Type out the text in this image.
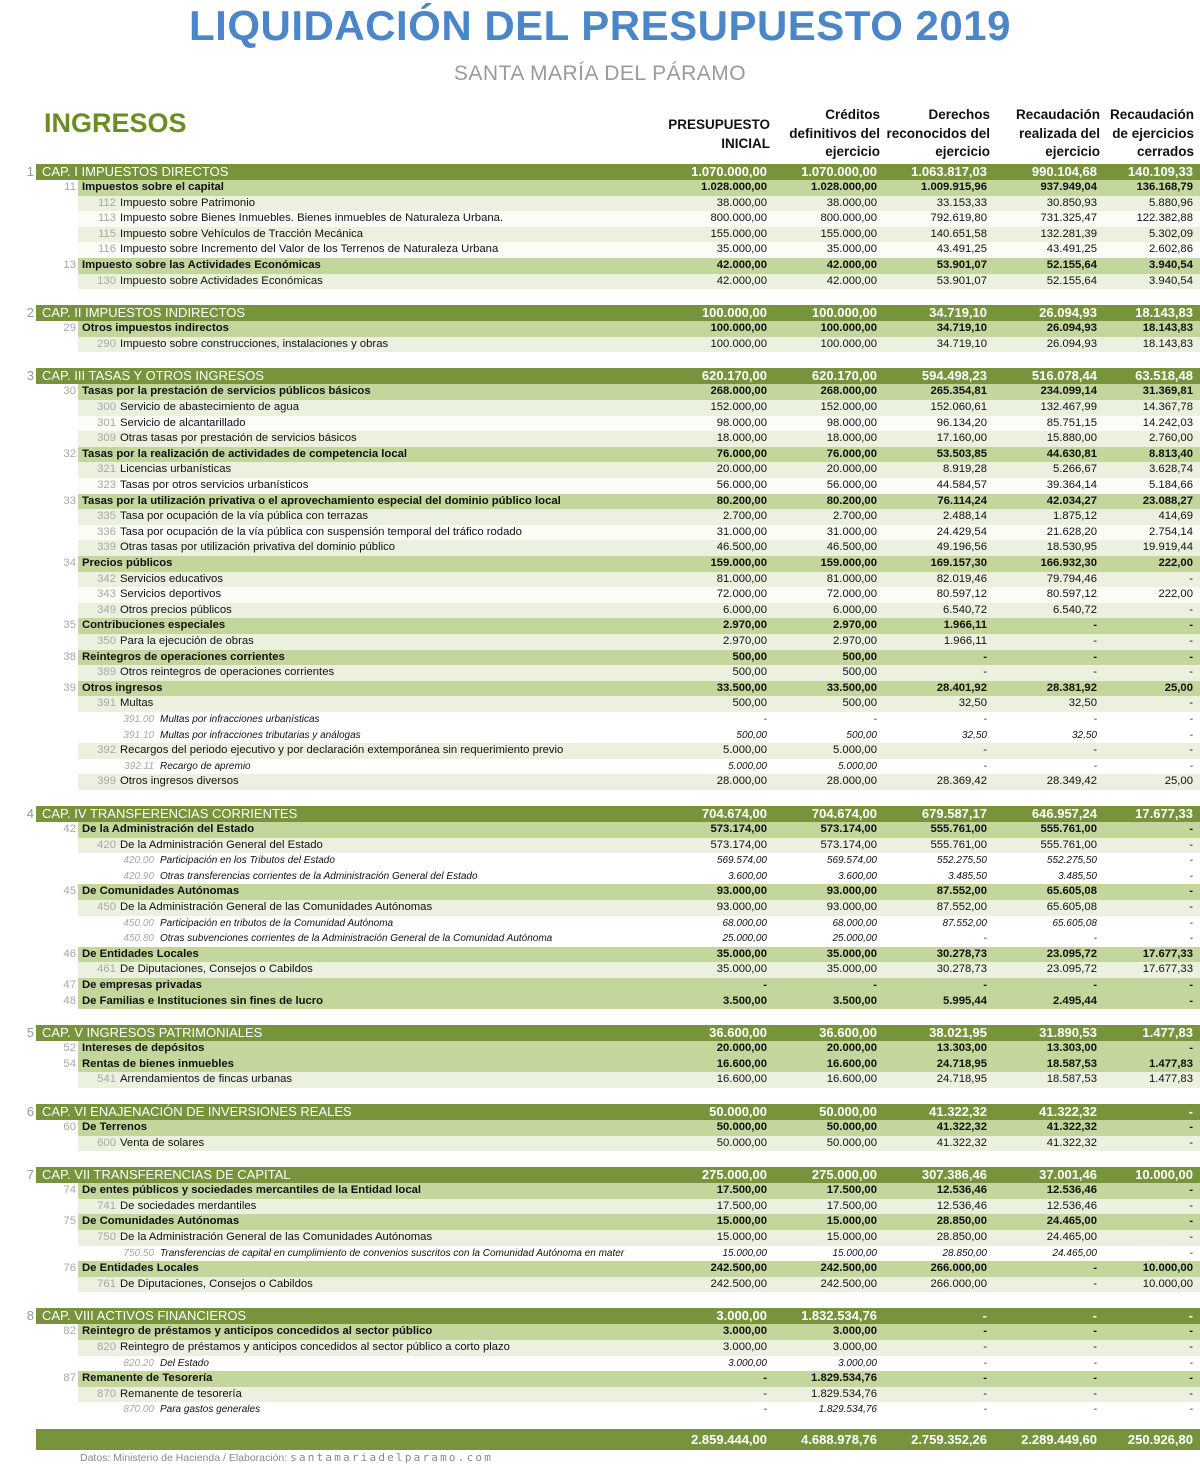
LIQUIDACIÓN DEL PRESUPUESTO 2019
SANTA MARÍA DEL PÁRAMO
INGRESOS	PRESUPUESTO
INICIAL
Créditos
definitivos del
ejercicio
Derechos
reconocidos del
ejercicio
Recaudación
realizada del
ejercicio
Recaudación
de ejercicios
cerrados
1 CAP. I IMPUESTOS DIRECTOS	1.070.000,00	1.070.000,00	1.063.817,03	990.104,68	140.109,33
11 Impuestos sobre el capital	1.028.000,00	1.028.000,00	1.009.915,96	937.949,04	136.168,79
112 Impuesto sobre Patrimonio	38.000,00	38.000,00	33.153,33	30.850,93	5.880,96
113 Impuesto sobre Bienes Inmuebles. Bienes inmuebles de Naturaleza Urbana.	800.000,00	800.000,00	792.619,80	731.325,47	122.382,88
115 Impuesto sobre Vehículos de Tracción Mecánica	155.000,00	155.000,00	140.651,58	132.281,39	5.302,09
116 Impuesto sobre Incremento del Valor de los Terrenos de Naturaleza Urbana	35.000,00	35.000,00	43.491,25	43.491,25	2.602,86
13 Impuesto sobre las Actividades Económicas	42.000,00	42.000,00	53.901,07	52.155,64	3.940,54
130 Impuesto sobre Actividades Económicas	42.000,00	42.000,00	53.901,07	52.155,64	3.940,54
2 CAP. II IMPUESTOS INDIRECTOS	100.000,00	100.000,00	34.719,10	26.094,93	18.143,83
29 Otros impuestos indirectos	100.000,00	100.000,00	34.719,10	26.094,93	18.143,83
290 Impuesto sobre construcciones, instalaciones y obras	100.000,00	100.000,00	34.719,10	26.094,93	18.143,83
3 CAP. III TASAS Y OTROS INGRESOS	620.170,00	620.170,00	594.498,23	516.078,44	63.518,48
30 Tasas por la prestación de servicios públicos básicos	268.000,00	268.000,00	265.354,81	234.099,14	31.369,81
300 Servicio de abastecimiento de agua	152.000,00	152.000,00	152.060,61	132.467,99	14.367,78
301 Servicio de alcantarillado	98.000,00	98.000,00	96.134,20	85.751,15	14.242,03
309 Otras tasas por prestación de servicios básicos	18.000,00	18.000,00	17.160,00	15.880,00	2.760,00
32 Tasas por la realización de actividades de competencia local	76.000,00	76.000,00	53.503,85	44.630,81	8.813,40
321 Licencias urbanísticas	20.000,00	20.000,00	8.919,28	5.266,67	3.628,74
323 Tasas por otros servicios urbanísticos	56.000,00	56.000,00	44.584,57	39.364,14	5.184,66
33 Tasas por la utilización privativa o el aprovechamiento especial del dominio público local	80.200,00	80.200,00	76.114,24	42.034,27	23.088,27
335 Tasa por ocupación de la vía pública con terrazas	2.700,00	2.700,00	2.488,14	1.875,12	414,69
336 Tasa por ocupación de la vía pública con suspensión temporal del tráfico rodado	31.000,00	31.000,00	24.429,54	21.628,20	2.754,14
339 Otras tasas por utilización privativa del dominio público	46.500,00	46.500,00	49.196,56	18.530,95	19.919,44
34 Precios públicos	159.000,00	159.000,00	169.157,30	166.932,30	222,00
342 Servicios educativos	81.000,00	81.000,00	82.019,46	79.794,46	-
343 Servicios deportivos	72.000,00	72.000,00	80.597,12	80.597,12	222,00
349 Otros precios públicos	6.000,00	6.000,00	6.540,72	6.540,72	-
35 Contribuciones especiales	2.970,00	2.970,00	1.966,11	-	-
350 Para la ejecución de obras	2.970,00	2.970,00	1.966,11	-	-
38 Reintegros de operaciones corrientes	500,00	500,00	-	-	-
389 Otros reintegros de operaciones corrientes	500,00	500,00	-	-	-
39 Otros ingresos	33.500,00	33.500,00	28.401,92	28.381,92	25,00
391 Multas	500,00	500,00	32,50	32,50	-
391.00 Multas por infracciones urbanísticas	-	-	-	-	-
391.10 Multas por infracciones tributarias y análogas	500,00	500,00	32,50	32,50	-
392 Recargos del periodo ejecutivo y por declaración extemporánea sin requerimiento previo	5.000,00	5.000,00	-	-	-
392.11 Recargo de apremio	5.000,00	5.000,00	-	-	-
399 Otros ingresos diversos	28.000,00	28.000,00	28.369,42	28.349,42	25,00
4 CAP. IV TRANSFERENCIAS CORRIENTES	704.674,00	704.674,00	679.587,17	646.957,24	17.677,33
42 De la Administración del Estado	573.174,00	573.174,00	555.761,00	555.761,00	-
420 De la Administración General del Estado	573.174,00	573.174,00	555.761,00	555.761,00	-
420.00 Participación en los Tributos del Estado	569.574,00	569.574,00	552.275,50	552.275,50	-
420.90 Otras transferencias corrientes de la Administración General del Estado	3.600,00	3.600,00	3.485,50	3.485,50	-
45 De Comunidades Autónomas	93.000,00	93.000,00	87.552,00	65.605,08	-
450 De la Administración General de las Comunidades Autónomas	93.000,00	93.000,00	87.552,00	65.605,08	-
450.00 Participación en tributos de la Comunidad Autónoma	68.000,00	68.000,00	87.552,00	65.605,08	-
450.80 Otras subvenciones corrientes de la Administración General de la Comunidad Autónoma	25.000,00	25.000,00	-	-	-
46 De Entidades Locales	35.000,00	35.000,00	30.278,73	23.095,72	17.677,33
461 De Diputaciones, Consejos o Cabildos	35.000,00	35.000,00	30.278,73	23.095,72	17.677,33
47 De empresas privadas	-	-	-	-	-
48 De Familias e Instituciones sin fines de lucro	3.500,00	3.500,00	5.995,44	2.495,44	-
5 CAP. V INGRESOS PATRIMONIALES	36.600,00	36.600,00	38.021,95	31.890,53	1.477,83
52 Intereses de depósitos	20.000,00	20.000,00	13.303,00	13.303,00	-
54 Rentas de bienes inmuebles	16.600,00	16.600,00	24.718,95	18.587,53	1.477,83
541 Arrendamientos de fincas urbanas	16.600,00	16.600,00	24.718,95	18.587,53	1.477,83
6 CAP. VI ENAJENACIÓN DE INVERSIONES REALES	50.000,00	50.000,00	41.322,32	41.322,32	-
60 De Terrenos	50.000,00	50.000,00	41.322,32	41.322,32	-
600 Venta de solares	50.000,00	50.000,00	41.322,32	41.322,32	-
7 CAP. VII TRANSFERENCIAS DE CAPITAL	275.000,00	275.000,00	307.386,46	37.001,46	10.000,00
74 De entes públicos y sociedades mercantiles de la Entidad local	17.500,00	17.500,00	12.536,46	12.536,46	-
741 De sociedades merdantiles	17.500,00	17.500,00	12.536,46	12.536,46	-
75 De Comunidades Autónomas	15.000,00	15.000,00	28.850,00	24.465,00	-
750 De la Administración General de las Comunidades Autónomas	15.000,00	15.000,00	28.850,00	24.465,00	-
750.50 Transferencias de capital en cumplimiento de convenios suscritos con la Comunidad Autónoma en mater	15.000,00	15.000,00	28.850,00	24.465,00	-
76 De Entidades Locales	242.500,00	242.500,00	266.000,00	-	10.000,00
761 De Diputaciones, Consejos o Cabildos	242.500,00	242.500,00	266.000,00	-	10.000,00
8 CAP. VIII ACTIVOS FINANCIEROS	3.000,00	1.832.534,76	-	-	-
82 Reintegro de préstamos y anticipos concedidos al sector público	3.000,00	3.000,00	-	-	-
820 Reintegro de préstamos y anticipos concedidos al sector público a corto plazo	3.000,00	3.000,00	-	-	-
820.20 Del Estado	3.000,00	3.000,00	-	-	-
87 Remanente de Tesorería	-	1.829.534,76	-	-	-
870 Remanente de tesorería	-	1.829.534,76	-	-	-
870.00 Para gastos generales	-	1.829.534,76	-	-	-
2.859.444,00	4.688.978,76	2.759.352,26	2.289.449,60	250.926,80
Datos: Ministerio de Hacienda / Elaboración: santamariadelparamo.com
